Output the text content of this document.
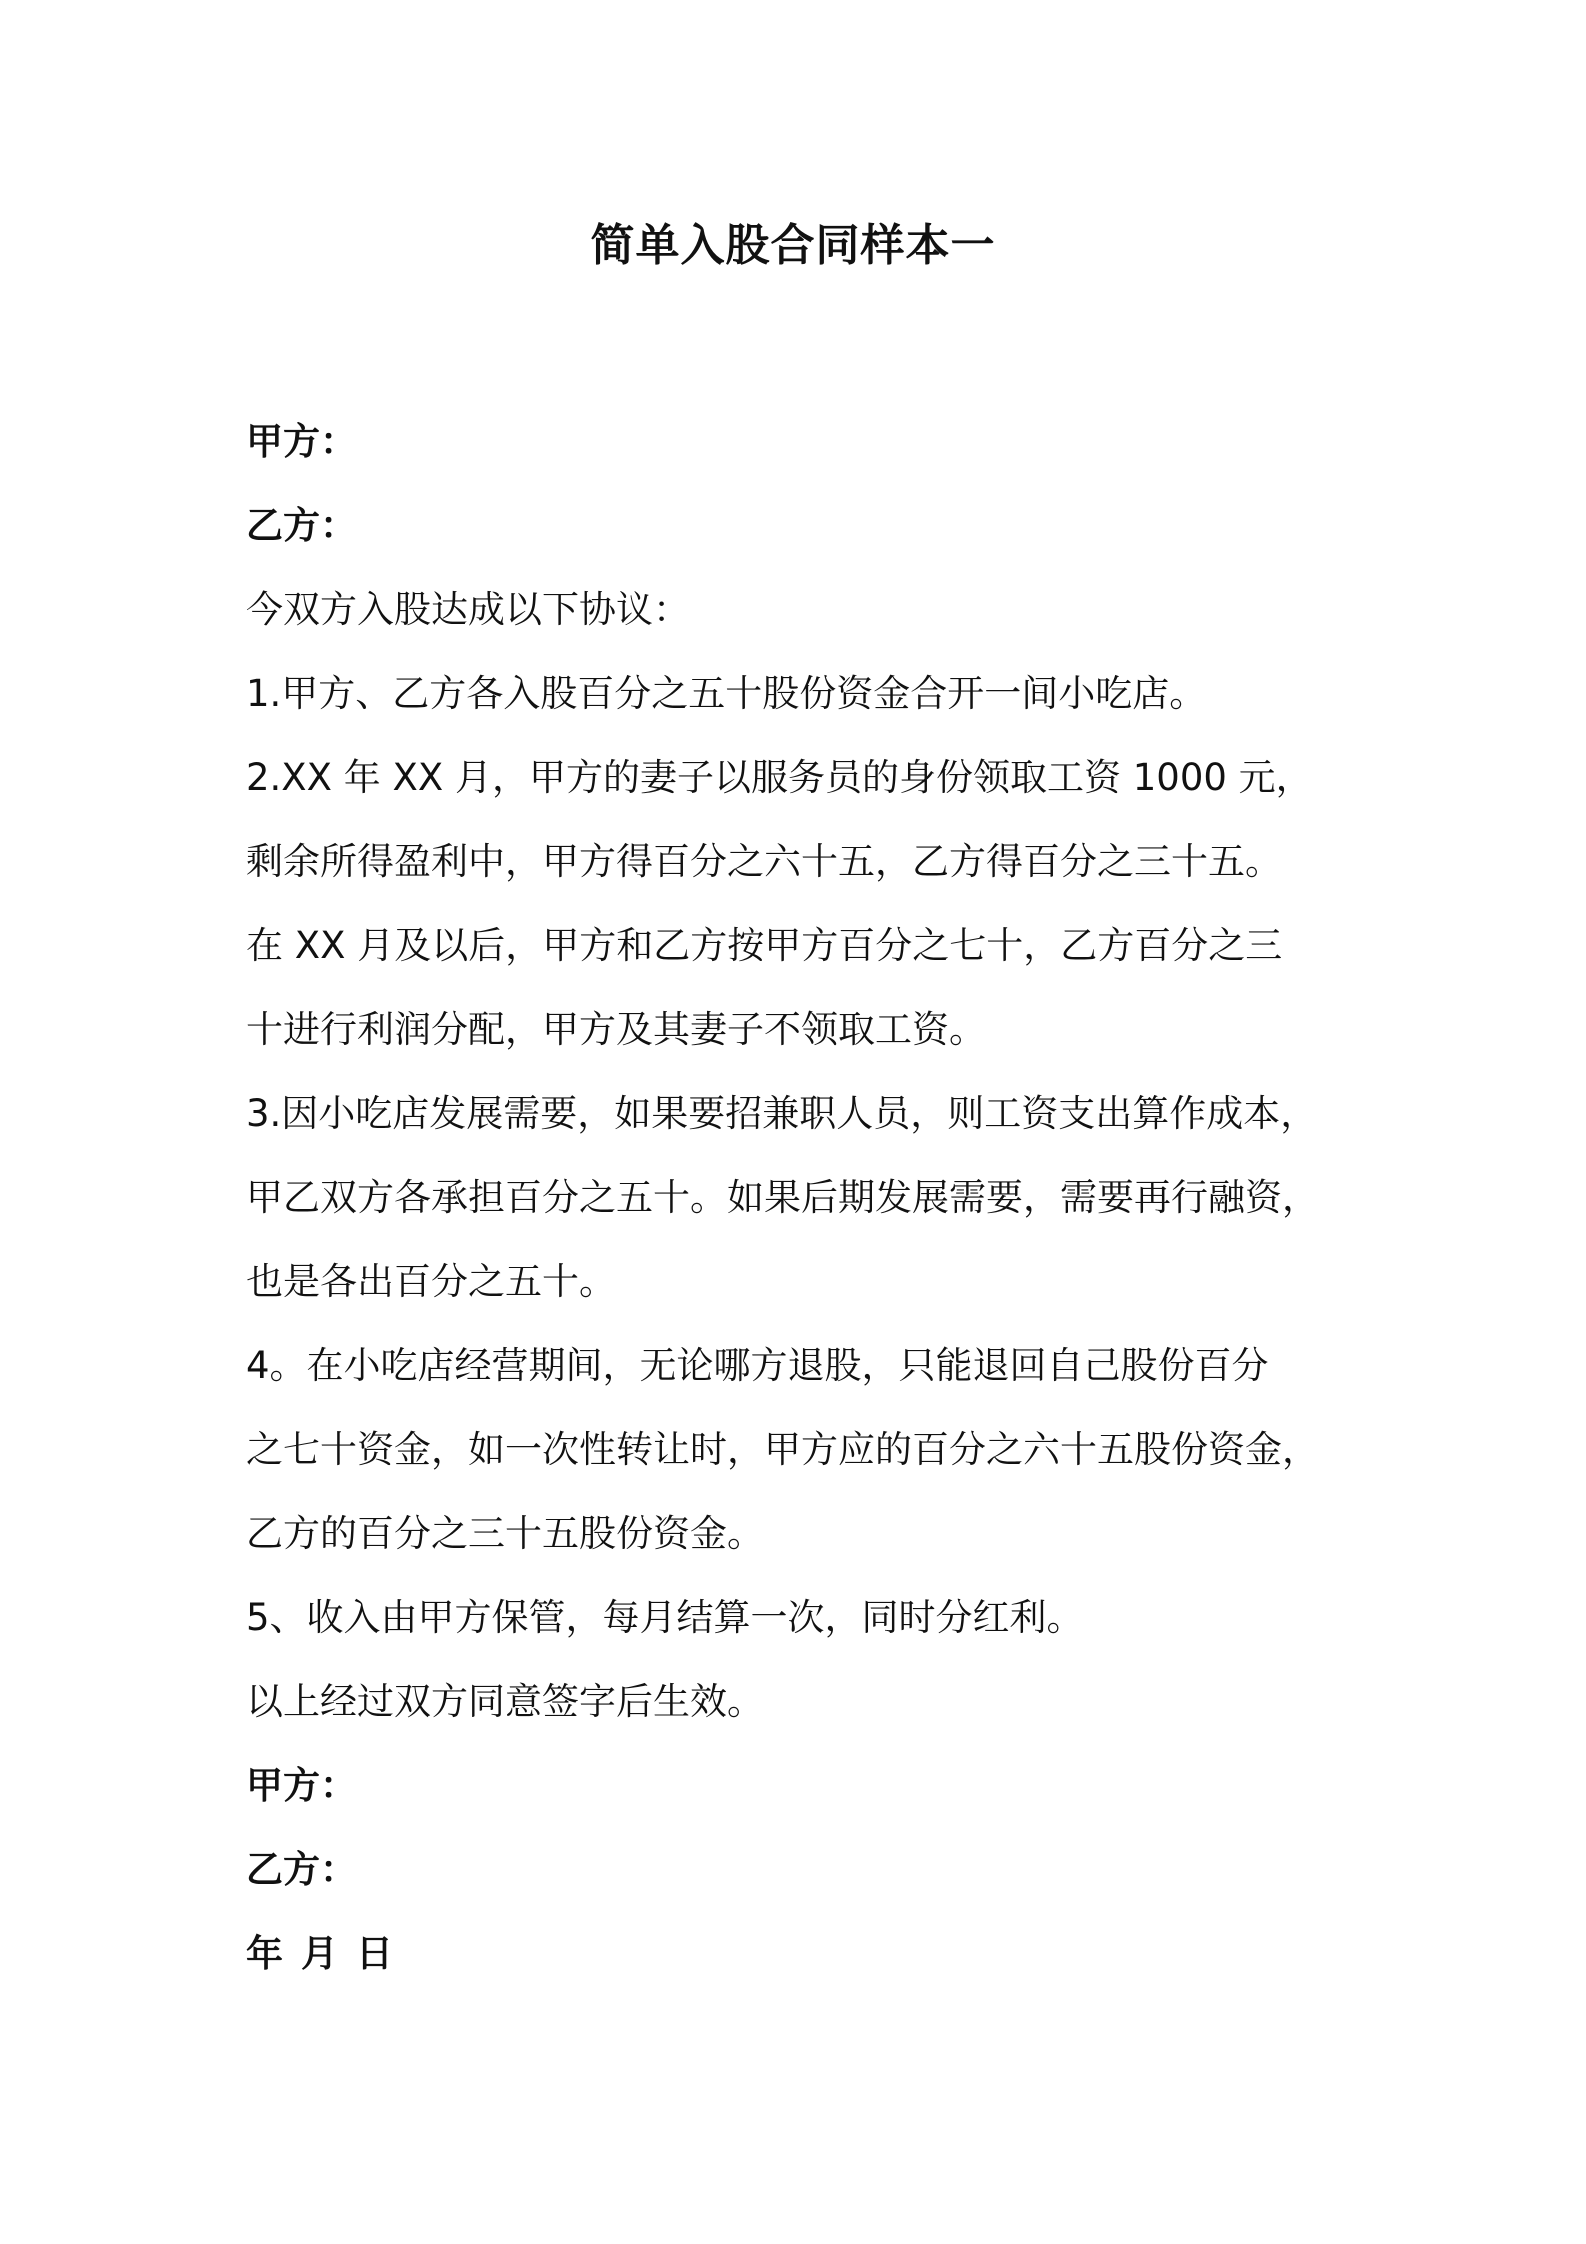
简单入股合同样本一

甲方：

乙方：

今双方入股达成以下协议：

1.甲方、乙方各入股百分之五十股份资金合开一间小吃店。

2.XX 年 XX 月，甲方的妻子以服务员的身份领取工资 1000 元，

剩余所得盈利中，甲方得百分之六十五，乙方得百分之三十五。

在 XX 月及以后，甲方和乙方按甲方百分之七十，乙方百分之三

十进行利润分配，甲方及其妻子不领取工资。

3.因小吃店发展需要，如果要招兼职人员，则工资支出算作成本，

甲乙双方各承担百分之五十。如果后期发展需要，需要再行融资，

也是各出百分之五十。

4。在小吃店经营期间，无论哪方退股，只能退回自己股份百分

之七十资金，如一次性转让时，甲方应的百分之六十五股份资金，

乙方的百分之三十五股份资金。

5、收入由甲方保管，每月结算一次，同时分红利。

以上经过双方同意签字后生效。

甲方：

乙方：

年 月 日
